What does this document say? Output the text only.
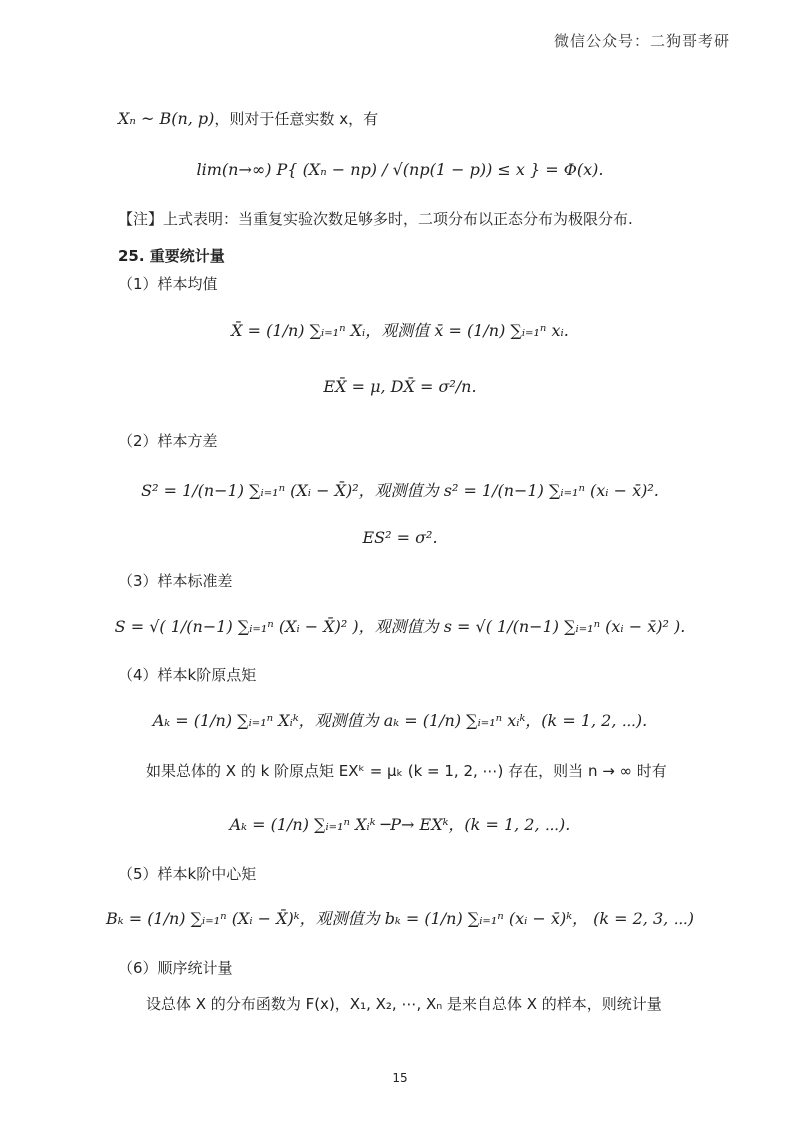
微信公众号：二狗哥考研
Xₙ ~ B(n, p)，则对于任意实数 x，有
lim(n→∞) P{ (Xₙ − np) / √(np(1 − p)) ≤ x } = Φ(x).
【注】上式表明：当重复实验次数足够多时，二项分布以正态分布为极限分布.
25. 重要统计量
（1）样本均值
X̄ = (1/n) ∑ᵢ₌₁ⁿ Xᵢ，观测值 x̄ = (1/n) ∑ᵢ₌₁ⁿ xᵢ.
EX̄ = μ, DX̄ = σ²/n.
（2）样本方差
S² = 1/(n−1) ∑ᵢ₌₁ⁿ (Xᵢ − X̄)²，观测值为 s² = 1/(n−1) ∑ᵢ₌₁ⁿ (xᵢ − x̄)².
ES² = σ².
（3）样本标准差
S = √( 1/(n−1) ∑ᵢ₌₁ⁿ (Xᵢ − X̄)² )，观测值为 s = √( 1/(n−1) ∑ᵢ₌₁ⁿ (xᵢ − x̄)² ).
（4）样本k阶原点矩
Aₖ = (1/n) ∑ᵢ₌₁ⁿ Xᵢᵏ，观测值为 aₖ = (1/n) ∑ᵢ₌₁ⁿ xᵢᵏ，(k = 1, 2, ⋯).
如果总体的 X 的 k 阶原点矩 EXᵏ = μₖ (k = 1, 2, ⋯) 存在，则当 n → ∞ 时有
Aₖ = (1/n) ∑ᵢ₌₁ⁿ Xᵢᵏ ─P→ EXᵏ，(k = 1, 2, ⋯).
（5）样本k阶中心矩
Bₖ = (1/n) ∑ᵢ₌₁ⁿ (Xᵢ − X̄)ᵏ，观测值为 bₖ = (1/n) ∑ᵢ₌₁ⁿ (xᵢ − x̄)ᵏ， (k = 2, 3, ⋯)
（6）顺序统计量
设总体 X 的分布函数为 F(x)，X₁, X₂, ⋯, Xₙ 是来自总体 X 的样本，则统计量
15
